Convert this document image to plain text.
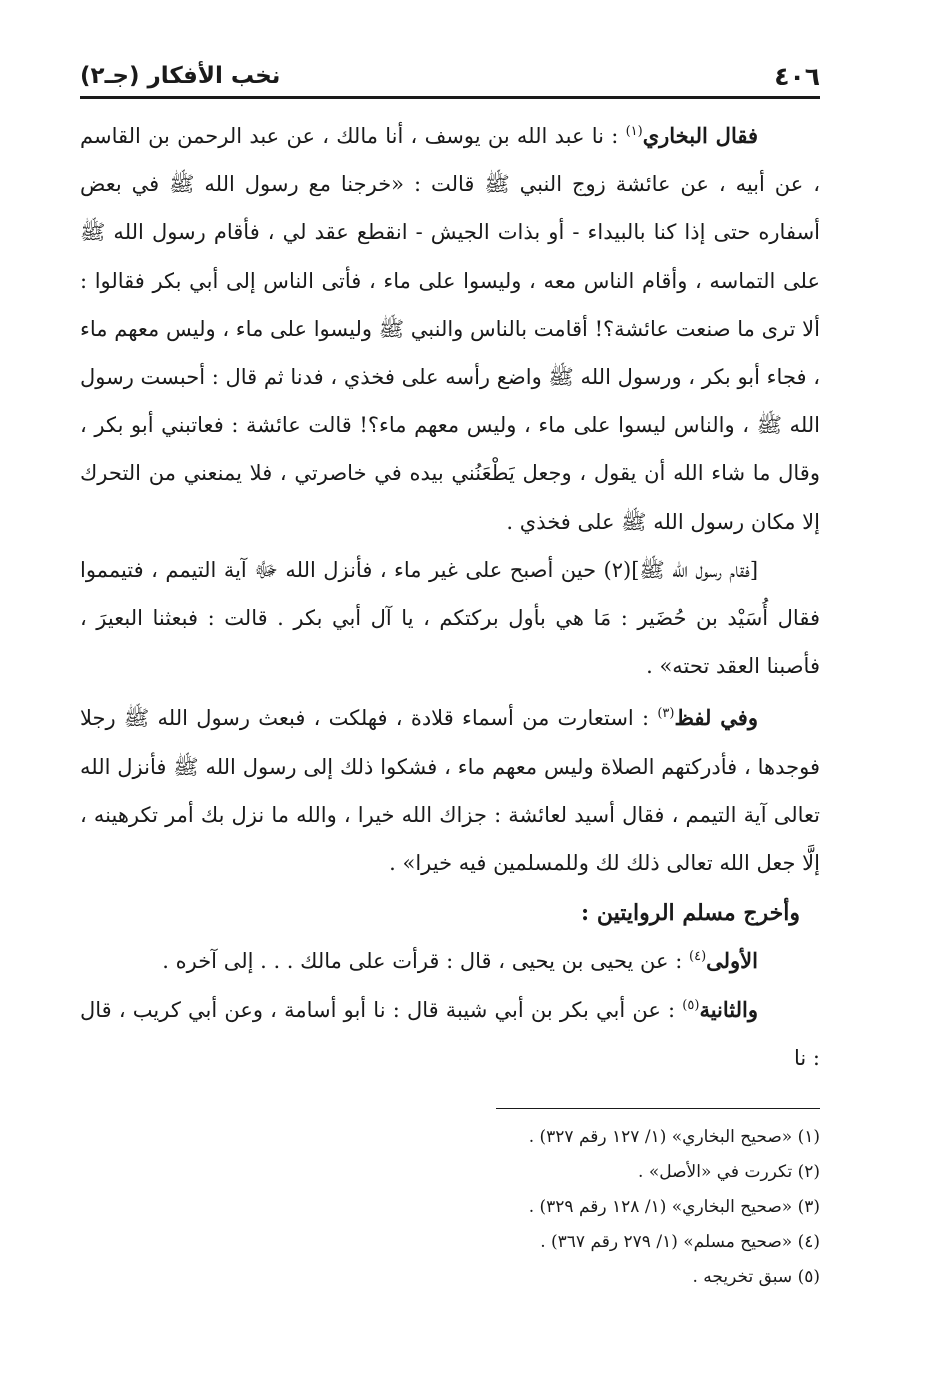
٤٠٦
نخب الأفكار (جـ٢)

فقال البخاري$^{(١)}$ : نا عبد الله بن يوسف ، أنا مالك ، عن عبد الرحمن بن القاسم ، عن أبيه ، عن عائشة زوج النبي ﷺ قالت : «خرجنا مع رسول الله ﷺ في بعض أسفاره حتى إذا كنا بالبيداء - أو بذات الجيش - انقطع عقد لي ، فأقام رسول الله ﷺ على التماسه ، وأقام الناس معه ، وليسوا على ماء ، فأتى الناس إلى أبي بكر فقالوا : ألا ترى ما صنعت عائشة؟! أقامت بالناس والنبي ﷺ وليسوا على ماء ، وليس معهم ماء ، فجاء أبو بكر ، ورسول الله ﷺ واضع رأسه على فخذي ، فدنا ثم قال : أحبست رسول الله ﷺ ، والناس ليسوا على ماء ، وليس معهم ماء؟! قالت عائشة : فعاتبني أبو بكر ، وقال ما شاء الله أن يقول ، وجعل يَطْعَنُني بيده في خاصرتي ، فلا يمنعني من التحرك إلا مكان رسول الله ﷺ على فخذي .

[فقام رسول الله ﷺ](٢) حين أصبح على غير ماء ، فأنزل الله ﷻ آية التيمم ، فتيمموا فقال أُسَيْد بن حُضَير : مَا هي بأول بركتكم ، يا آل أبي بكر . قالت : فبعثنا البعيرَ ، فأصبنا العقد تحته» .

وفي لفظ$^{(٣)}$ : استعارت من أسماء قلادة ، فهلكت ، فبعث رسول الله ﷺ رجلا فوجدها ، فأدركتهم الصلاة وليس معهم ماء ، فشكوا ذلك إلى رسول الله ﷺ فأنزل الله تعالى آية التيمم ، فقال أسيد لعائشة : جزاك الله خيرا ، والله ما نزل بك أمر تكرهينه ، إلَّا جعل الله تعالى ذلك لك وللمسلمين فيه خيرا» .

وأخرج مسلم الروايتين :

الأولى$^{(٤)}$ : عن يحيى بن يحيى ، قال : قرأت على مالك . . . إلى آخره .

والثانية$^{(٥)}$ : عن أبي بكر بن أبي شيبة قال : نا أبو أسامة ، وعن أبي كريب ، قال : نا

(١) «صحيح البخاري» (١/ ١٢٧ رقم ٣٢٧) .
(٢) تكررت في «الأصل» .
(٣) «صحيح البخاري» (١/ ١٢٨ رقم ٣٢٩) .
(٤) «صحيح مسلم» (١/ ٢٧٩ رقم ٣٦٧) .
(٥) سبق تخريجه .
